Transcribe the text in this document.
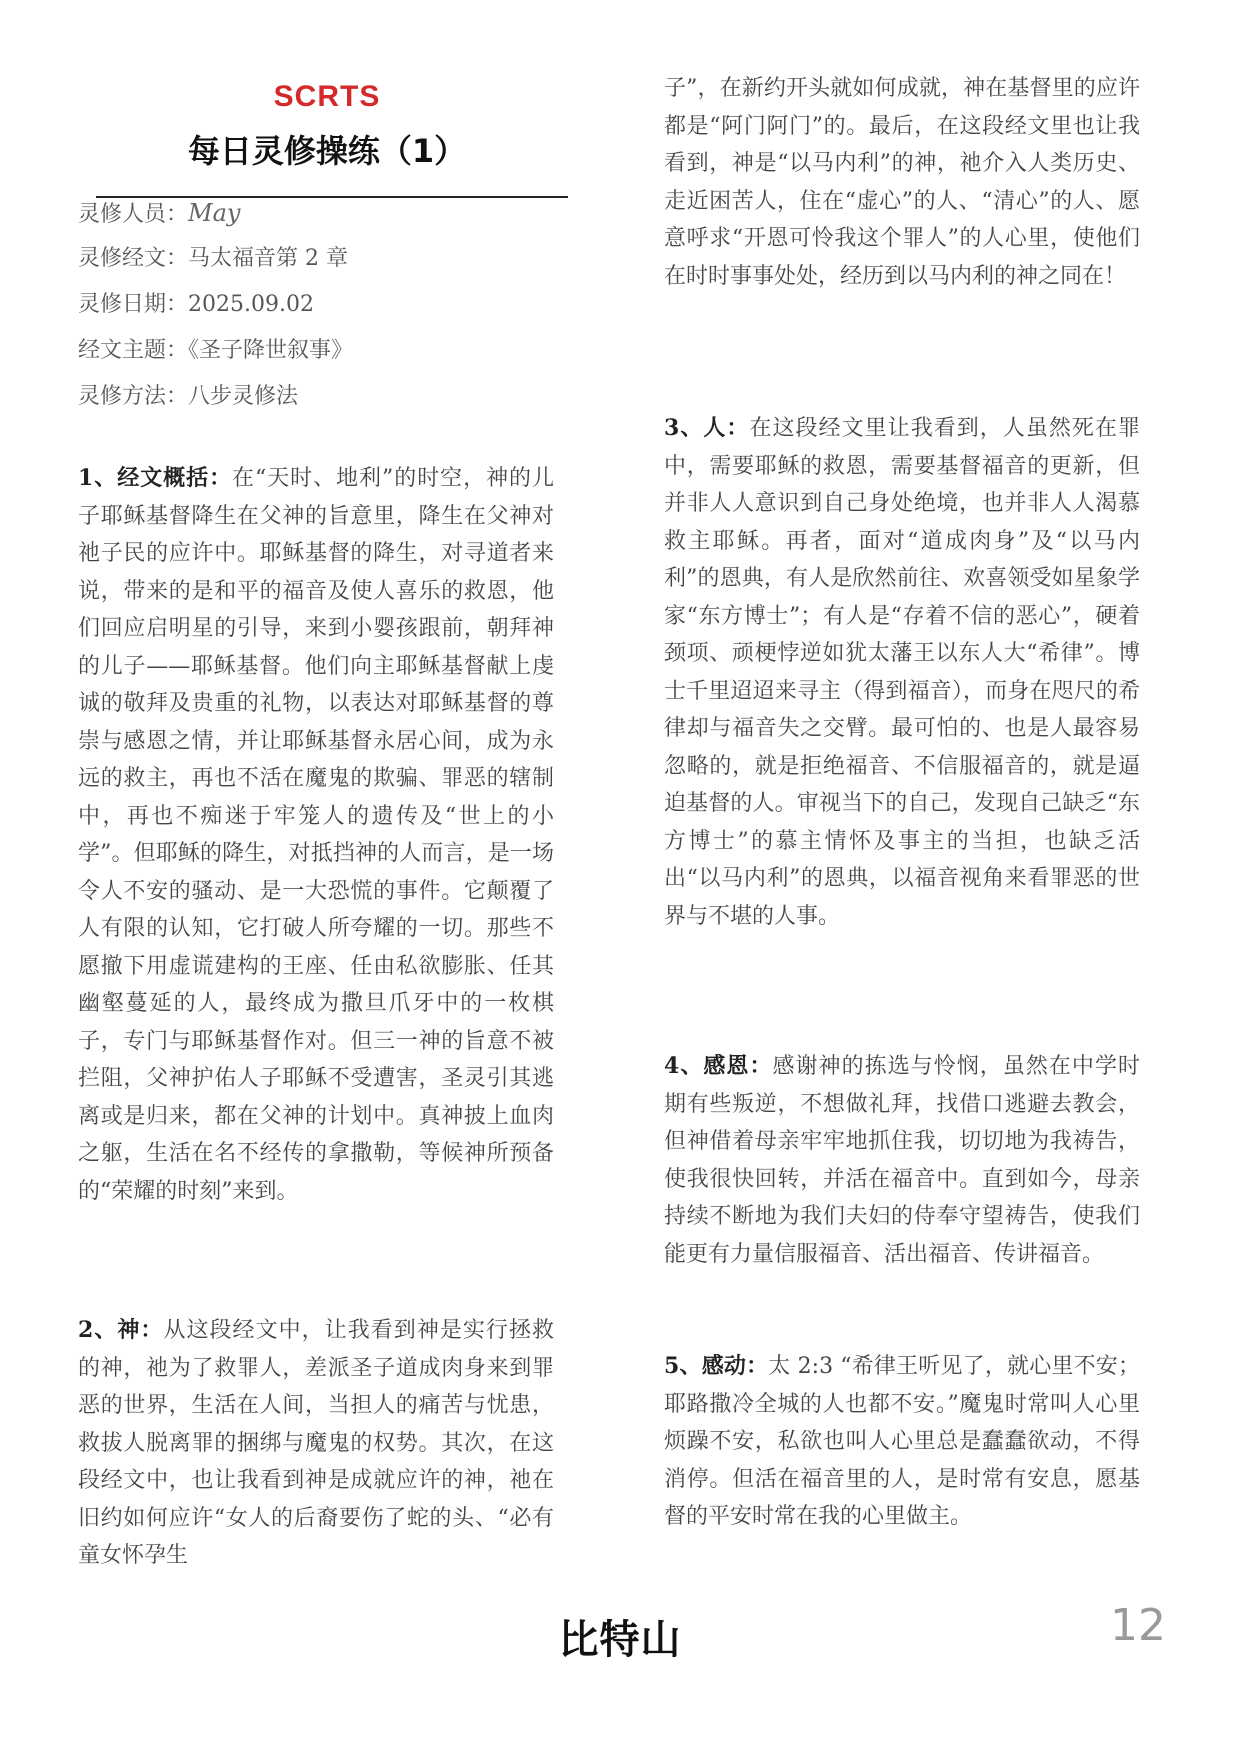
SCRTS
每日灵修操练（1）
灵修人员：May
灵修经文：马太福音第 2 章
灵修日期：2025.09.02
经文主题：《圣子降世叙事》
灵修方法：八步灵修法

1、经文概括：在“天时、地利”的时空，神的儿子耶稣基督降生在父神的旨意里，降生在父神对祂子民的应许中。耶稣基督的降生，对寻道者来说，带来的是和平的福音及使人喜乐的救恩，他们回应启明星的引导，来到小婴孩跟前，朝拜神的儿子——耶稣基督。他们向主耶稣基督献上虔诚的敬拜及贵重的礼物，以表达对耶稣基督的尊崇与感恩之情，并让耶稣基督永居心间，成为永远的救主，再也不活在魔鬼的欺骗、罪恶的辖制中，再也不痴迷于牢笼人的遗传及“世上的小学”。但耶稣的降生，对抵挡神的人而言，是一场令人不安的骚动、是一大恐慌的事件。它颠覆了人有限的认知，它打破人所夸耀的一切。那些不愿撤下用虚谎建构的王座、任由私欲膨胀、任其幽壑蔓延的人，最终成为撒旦爪牙中的一枚棋子，专门与耶稣基督作对。但三一神的旨意不被拦阻，父神护佑人子耶稣不受遭害，圣灵引其逃离或是归来，都在父神的计划中。真神披上血肉之躯，生活在名不经传的拿撒勒，等候神所预备的“荣耀的时刻”来到。

2、神：从这段经文中，让我看到神是实行拯救的神，祂为了救罪人，差派圣子道成肉身来到罪恶的世界，生活在人间，当担人的痛苦与忧患，救拔人脱离罪的捆绑与魔鬼的权势。其次，在这段经文中，也让我看到神是成就应许的神，祂在旧约如何应许“女人的后裔要伤了蛇的头、“必有童女怀孕生

子”，在新约开头就如何成就，神在基督里的应许都是“阿门阿门”的。最后，在这段经文里也让我看到，神是“以马内利”的神，祂介入人类历史、走近困苦人，住在“虚心”的人、“清心”的人、愿意呼求“开恩可怜我这个罪人”的人心里，使他们在时时事事处处，经历到以马内利的神之同在！

3、人：在这段经文里让我看到，人虽然死在罪中，需要耶稣的救恩，需要基督福音的更新，但并非人人意识到自己身处绝境，也并非人人渴慕救主耶稣。再者，面对“道成肉身”及“以马内利”的恩典，有人是欣然前往、欢喜领受如星象学家“东方博士”；有人是“存着不信的恶心”，硬着颈项、顽梗悖逆如犹太藩王以东人大“希律”。博士千里迢迢来寻主（得到福音），而身在咫尺的希律却与福音失之交臂。最可怕的、也是人最容易忽略的，就是拒绝福音、不信服福音的，就是逼迫基督的人。审视当下的自己，发现自己缺乏“东方博士”的慕主情怀及事主的当担，也缺乏活出“以马内利”的恩典，以福音视角来看罪恶的世界与不堪的人事。

4、感恩：感谢神的拣选与怜悯，虽然在中学时期有些叛逆，不想做礼拜，找借口逃避去教会，但神借着母亲牢牢地抓住我，切切地为我祷告，使我很快回转，并活在福音中。直到如今，母亲持续不断地为我们夫妇的侍奉守望祷告，使我们能更有力量信服福音、活出福音、传讲福音。

5、感动：太 2:3 “希律王听见了，就心里不安；耶路撒冷全城的人也都不安。”魔鬼时常叫人心里烦躁不安，私欲也叫人心里总是蠢蠢欲动，不得消停。但活在福音里的人，是时常有安息，愿基督的平安时常在我的心里做主。

比特山	12
